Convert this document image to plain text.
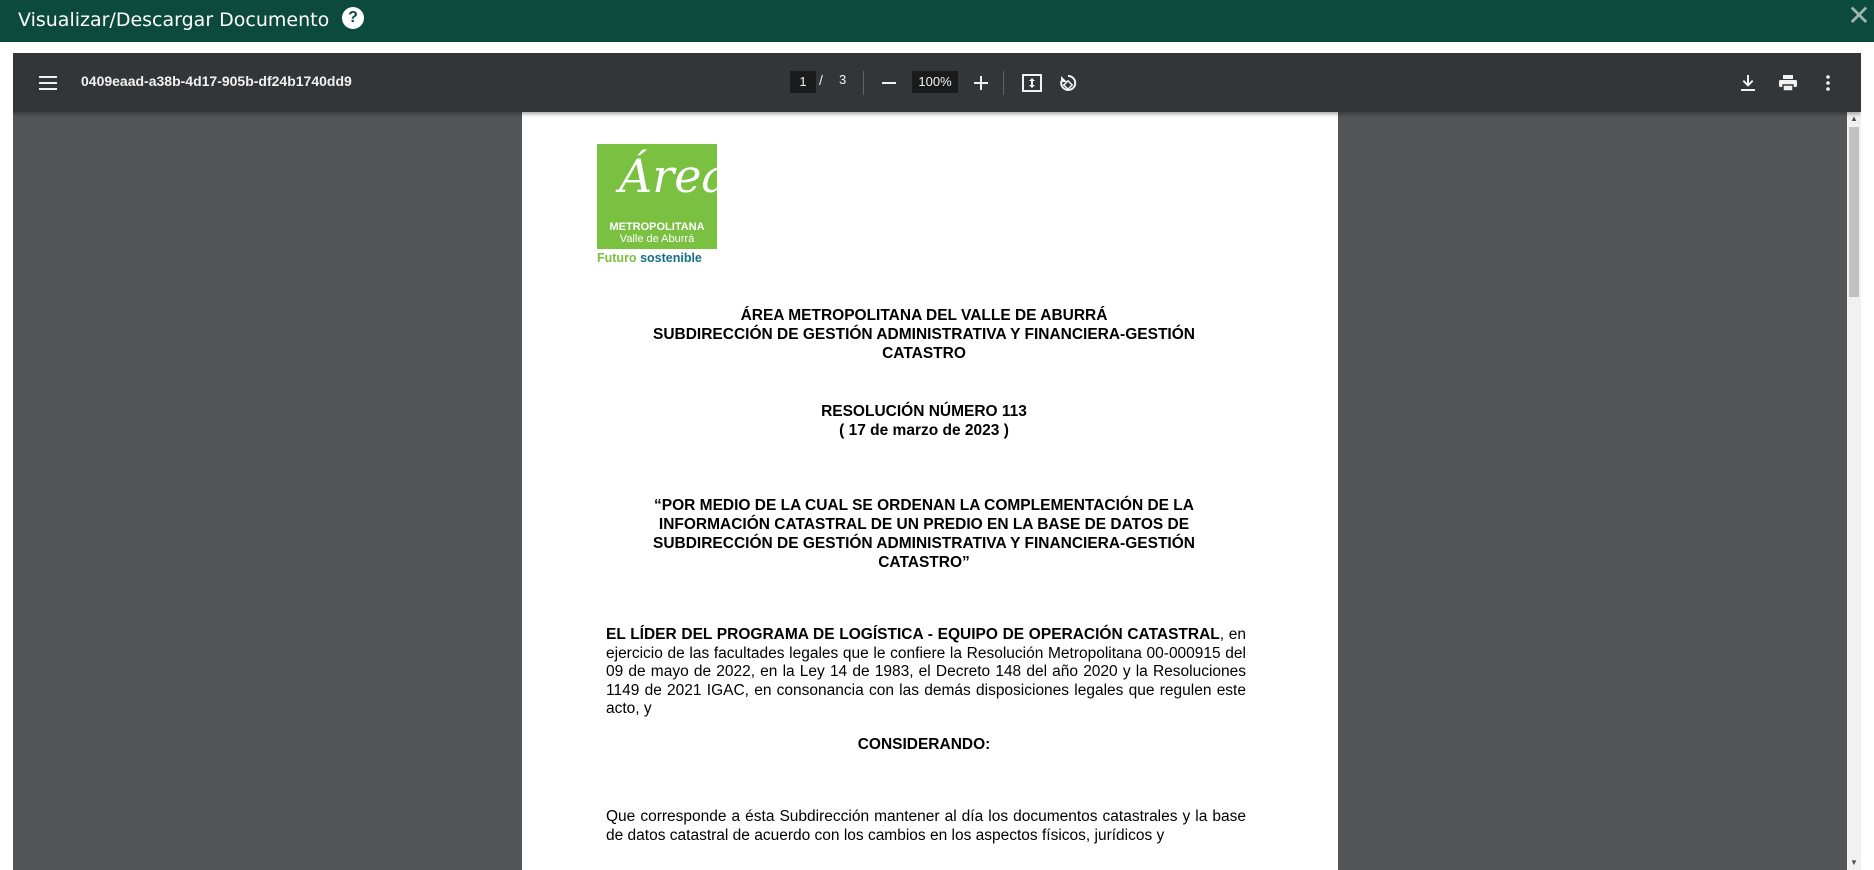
Visualizar/Descargar Documento	?	✕
0409eaad-a38b-4d17-905b-df24b1740dd9	1 / 3	100%
Área
METROPOLITANA
Valle de Aburrá
Futuro sostenible
ÁREA METROPOLITANA DEL VALLE DE ABURRÁ
SUBDIRECCIÓN DE GESTIÓN ADMINISTRATIVA Y FINANCIERA-GESTIÓN
CATASTRO
RESOLUCIÓN NÚMERO 113
( 17 de marzo de 2023 )
“POR MEDIO DE LA CUAL SE ORDENAN LA COMPLEMENTACIÓN DE LA
INFORMACIÓN CATASTRAL DE UN PREDIO EN LA BASE DE DATOS DE
SUBDIRECCIÓN DE GESTIÓN ADMINISTRATIVA Y FINANCIERA-GESTIÓN
CATASTRO”
EL LÍDER DEL PROGRAMA DE LOGÍSTICA - EQUIPO DE OPERACIÓN CATASTRAL, en ejercicio de las facultades legales que le confiere la Resolución Metropolitana 00-000915 del 09 de mayo de 2022, en la Ley 14 de 1983, el Decreto 148 del año 2020 y la Resoluciones 1149 de 2021 IGAC, en consonancia con las demás disposiciones legales que regulen este acto, y
CONSIDERANDO:
Que corresponde a ésta Subdirección mantener al día los documentos catastrales y la base de datos catastral de acuerdo con los cambios en los aspectos físicos, jurídicos y
▲
▼
